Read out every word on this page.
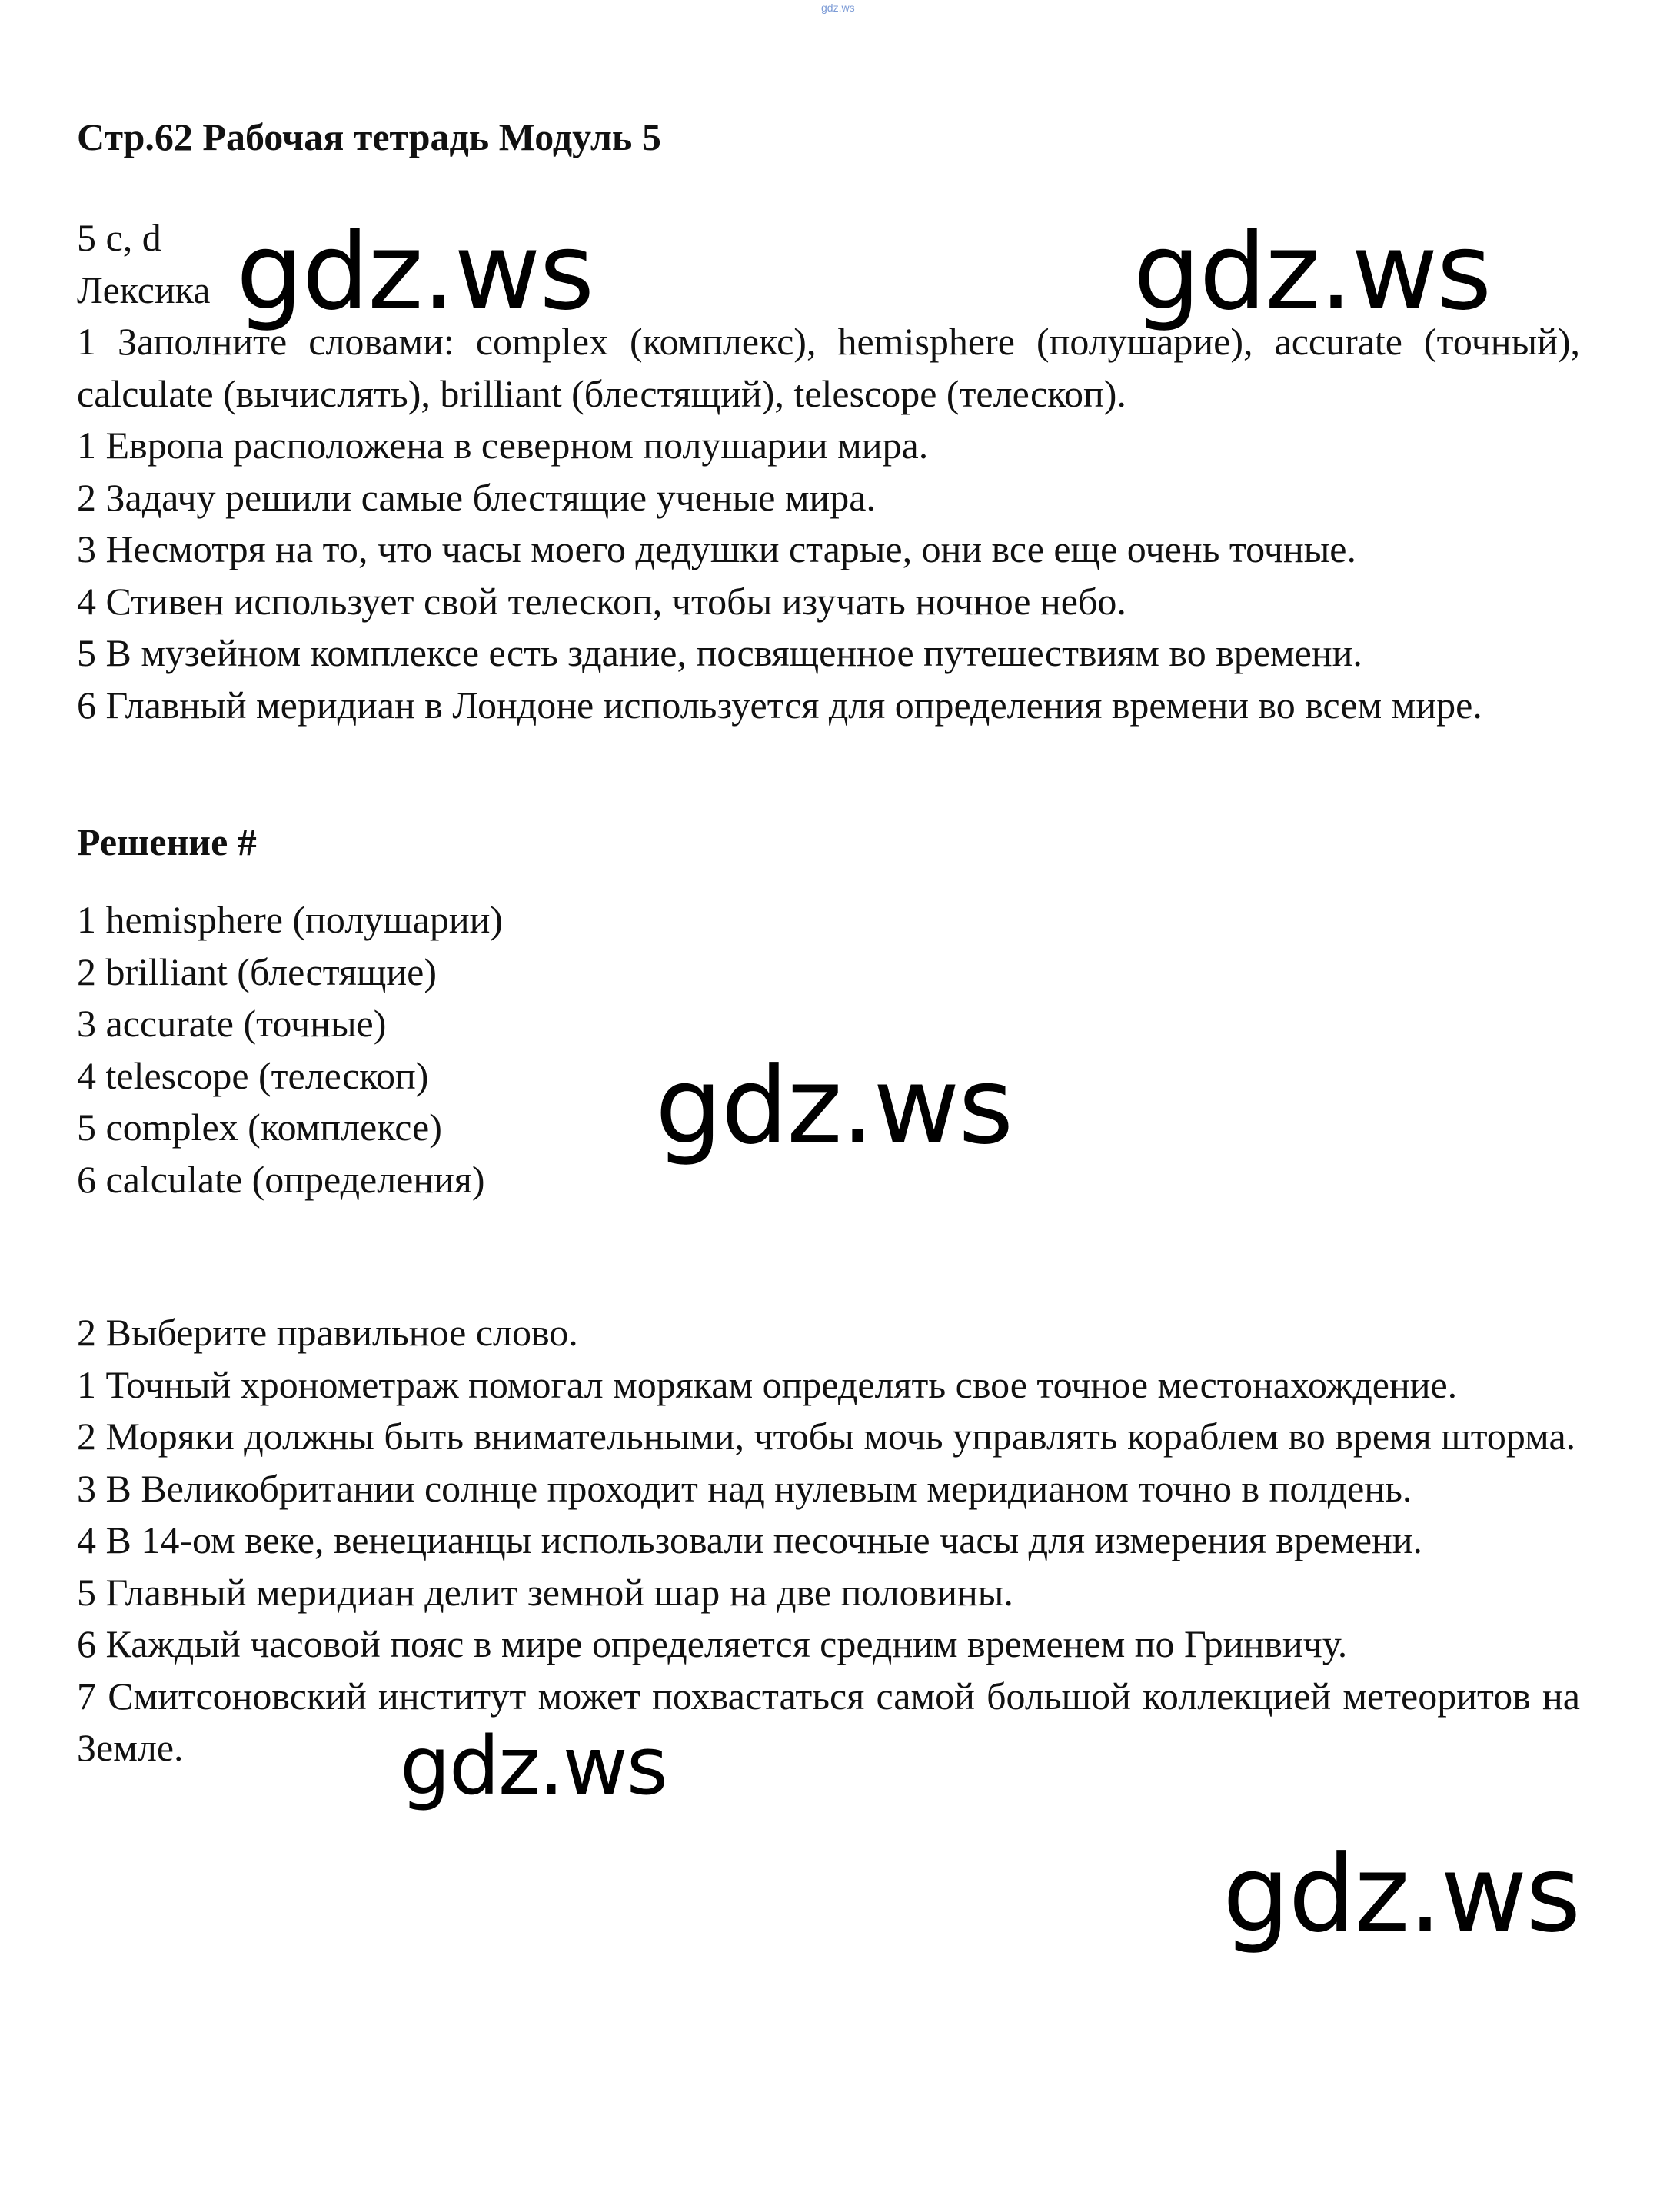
gdz.ws
Стр.62 Рабочая тетрадь Модуль 5

5 c, d

Лексика

1 Заполните словами: complex (комплекс), hemisphere (полушарие), accurate (точный), calculate (вычислять), brilliant (блестящий), telescope (телескоп).

1 Европа расположена в северном полушарии мира.

2 Задачу решили самые блестящие ученые мира.

3 Несмотря на то, что часы моего дедушки старые, они все еще очень точные.

4 Стивен использует свой телескоп, чтобы изучать ночное небо.

5 В музейном комплексе есть здание, посвященное путешествиям во времени.

6 Главный меридиан в Лондоне используется для определения времени во всем мире.

Решение #

1 hemisphere (полушарии)

2 brilliant (блестящие)

3 accurate (точные)

4 telescope (телескоп)

5 complex (комплексе)

6 calculate (определения)

2 Выберите правильное слово.

1 Точный хронометраж помогал морякам определять свое точное местонахождение.

2 Моряки должны быть внимательными, чтобы мочь управлять кораблем во время шторма.

3 В Великобритании солнце проходит над нулевым меридианом точно в полдень.

4 В 14-ом веке, венецианцы использовали песочные часы для измерения времени.

5 Главный меридиан делит земной шар на две половины.

6 Каждый часовой пояс в мире определяется средним временем по Гринвичу.

7 Смитсоновский институт может похвастаться самой большой коллекцией метеоритов на Земле.

gdz.ws	gdz.ws
gdz.ws
gdz.ws
gdz.ws
